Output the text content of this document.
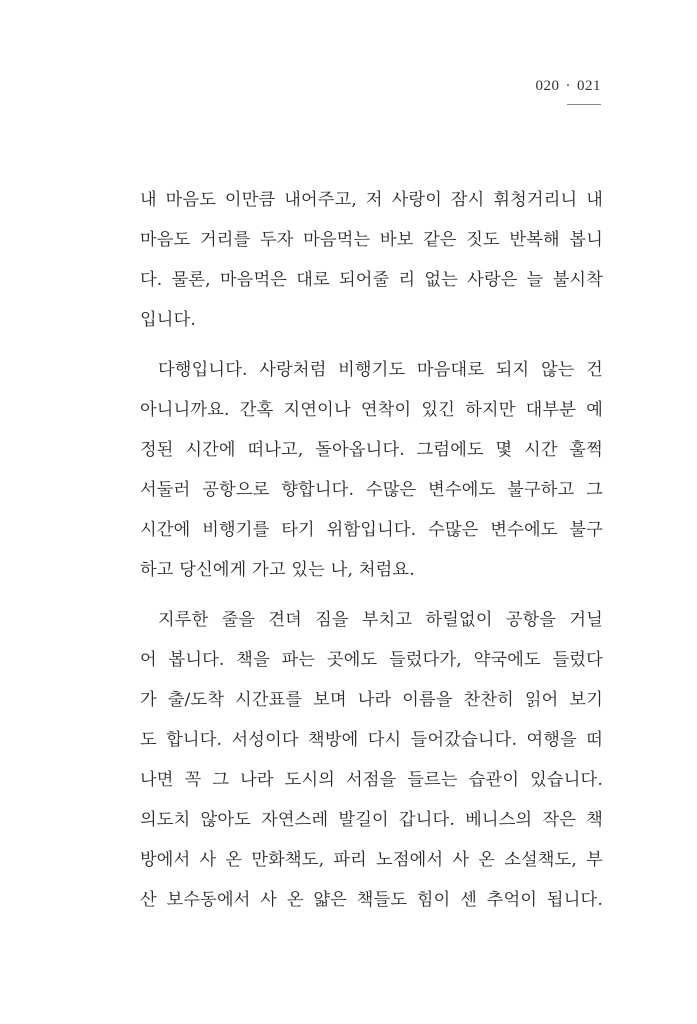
020 · 021
내 마음도 이만큼 내어주고, 저 사랑이 잠시 휘청거리니 내
마음도 거리를 두자 마음먹는 바보 같은 짓도 반복해 봅니
다. 물론, 마음먹은 대로 되어줄 리 없는 사랑은 늘 불시착
입니다.
다행입니다. 사랑처럼 비행기도 마음대로 되지 않는 건
아니니까요. 간혹 지연이나 연착이 있긴 하지만 대부분 예
정된 시간에 떠나고, 돌아옵니다. 그럼에도 몇 시간 훌쩍
서둘러 공항으로 향합니다. 수많은 변수에도 불구하고 그
시간에 비행기를 타기 위함입니다. 수많은 변수에도 불구
하고 당신에게 가고 있는 나, 처럼요.
지루한 줄을 견뎌 짐을 부치고 하릴없이 공항을 거닐
어 봅니다. 책을 파는 곳에도 들렀다가, 약국에도 들렀다
가 출/도착 시간표를 보며 나라 이름을 찬찬히 읽어 보기
도 합니다. 서성이다 책방에 다시 들어갔습니다. 여행을 떠
나면 꼭 그 나라 도시의 서점을 들르는 습관이 있습니다.
의도치 않아도 자연스레 발길이 갑니다. 베니스의 작은 책
방에서 사 온 만화책도, 파리 노점에서 사 온 소설책도, 부
산 보수동에서 사 온 얇은 책들도 힘이 센 추억이 됩니다.
